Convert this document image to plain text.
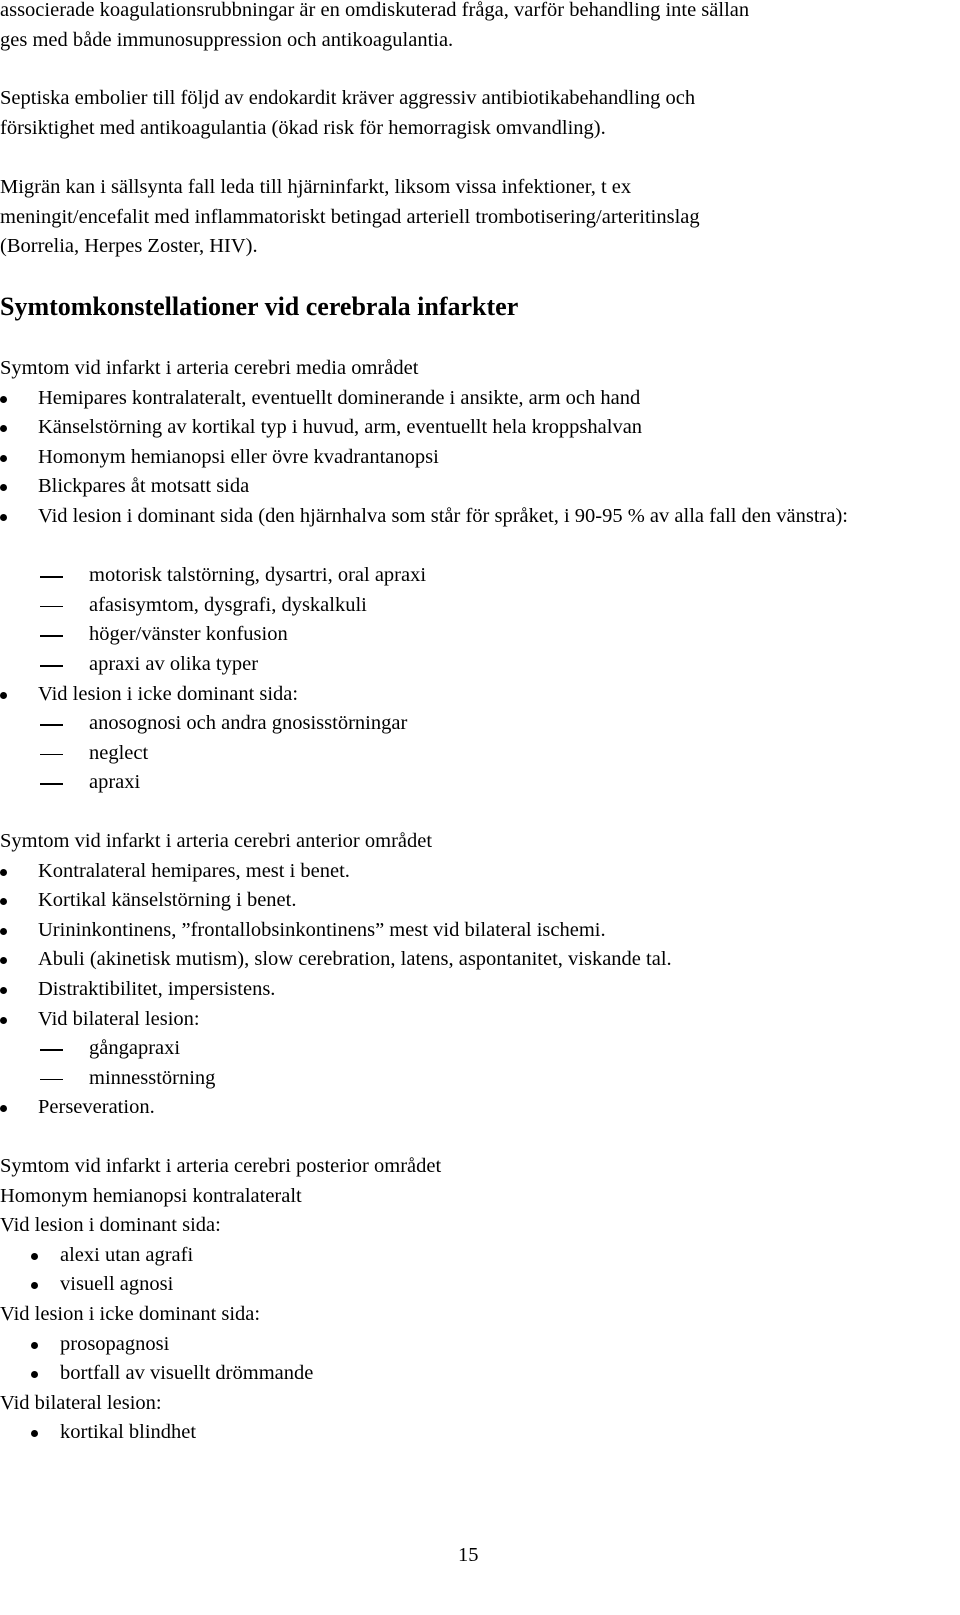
associerade koagulationsrubbningar är en omdiskuterad fråga, varför behandling inte sällan
ges med både immunosuppression och antikoagulantia.
Septiska embolier till följd av endokardit kräver aggressiv antibiotikabehandling och
försiktighet med antikoagulantia (ökad risk för hemorragisk omvandling).
Migrän kan i sällsynta fall leda till hjärninfarkt, liksom vissa infektioner, t ex
meningit/encefalit med inflammatoriskt betingad arteriell trombotisering/arteritinslag
(Borrelia, Herpes Zoster, HIV).
Symtomkonstellationer vid cerebrala infarkter
Symtom vid infarkt i arteria cerebri media området
Hemipares kontralateralt, eventuellt dominerande i ansikte, arm och hand
Känselstörning av kortikal typ i huvud, arm, eventuellt hela kroppshalvan
Homonym hemianopsi eller övre kvadrantanopsi
Blickpares åt motsatt sida
Vid lesion i dominant sida (den hjärnhalva som står för språket, i 90-95 % av alla fall den vänstra):
motorisk talstörning, dysartri, oral apraxi
afasisymtom, dysgrafi, dyskalkuli
höger/vänster konfusion
apraxi av olika typer
Vid lesion i icke dominant sida:
anosognosi och andra gnosisstörningar
neglect
apraxi
Symtom vid infarkt i arteria cerebri anterior området
Kontralateral hemipares, mest i benet.
Kortikal känselstörning i benet.
Urininkontinens, ”frontallobsinkontinens” mest vid bilateral ischemi.
Abuli (akinetisk mutism), slow cerebration, latens, aspontanitet, viskande tal.
Distraktibilitet, impersistens.
Vid bilateral lesion:
gångapraxi
minnesstörning
Perseveration.
Symtom vid infarkt i arteria cerebri posterior området
Homonym hemianopsi kontralateralt
Vid lesion i dominant sida:
alexi utan agrafi
visuell agnosi
Vid lesion i icke dominant sida:
prosopagnosi
bortfall av visuellt drömmande
Vid bilateral lesion:
kortikal blindhet
15
